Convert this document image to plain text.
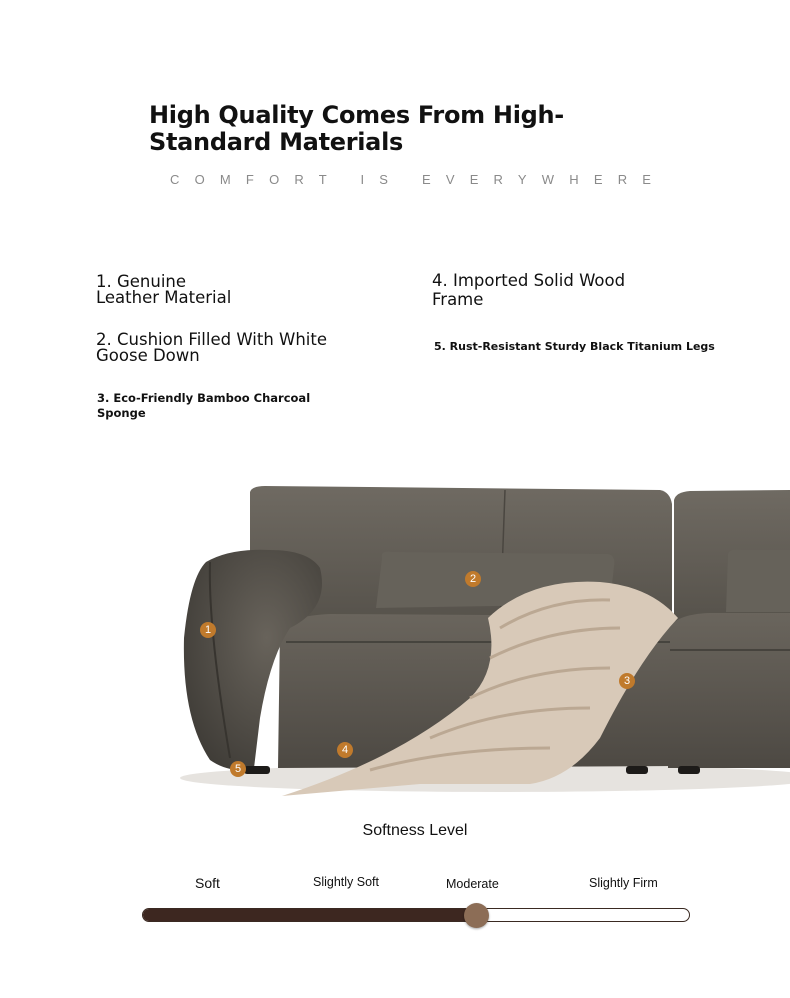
High Quality Comes From High-Standard Materials
COMFORT IS EVERYWHERE
1. Genuine
Leather Material
2. Cushion Filled With White
Goose Down
3. Eco-Friendly Bamboo Charcoal
Sponge
4. Imported Solid Wood
Frame
5. Rust-Resistant Sturdy Black Titanium Legs
1
2
3
4
5
Softness Level
Soft	Slightly Soft	Moderate	Slightly Firm
